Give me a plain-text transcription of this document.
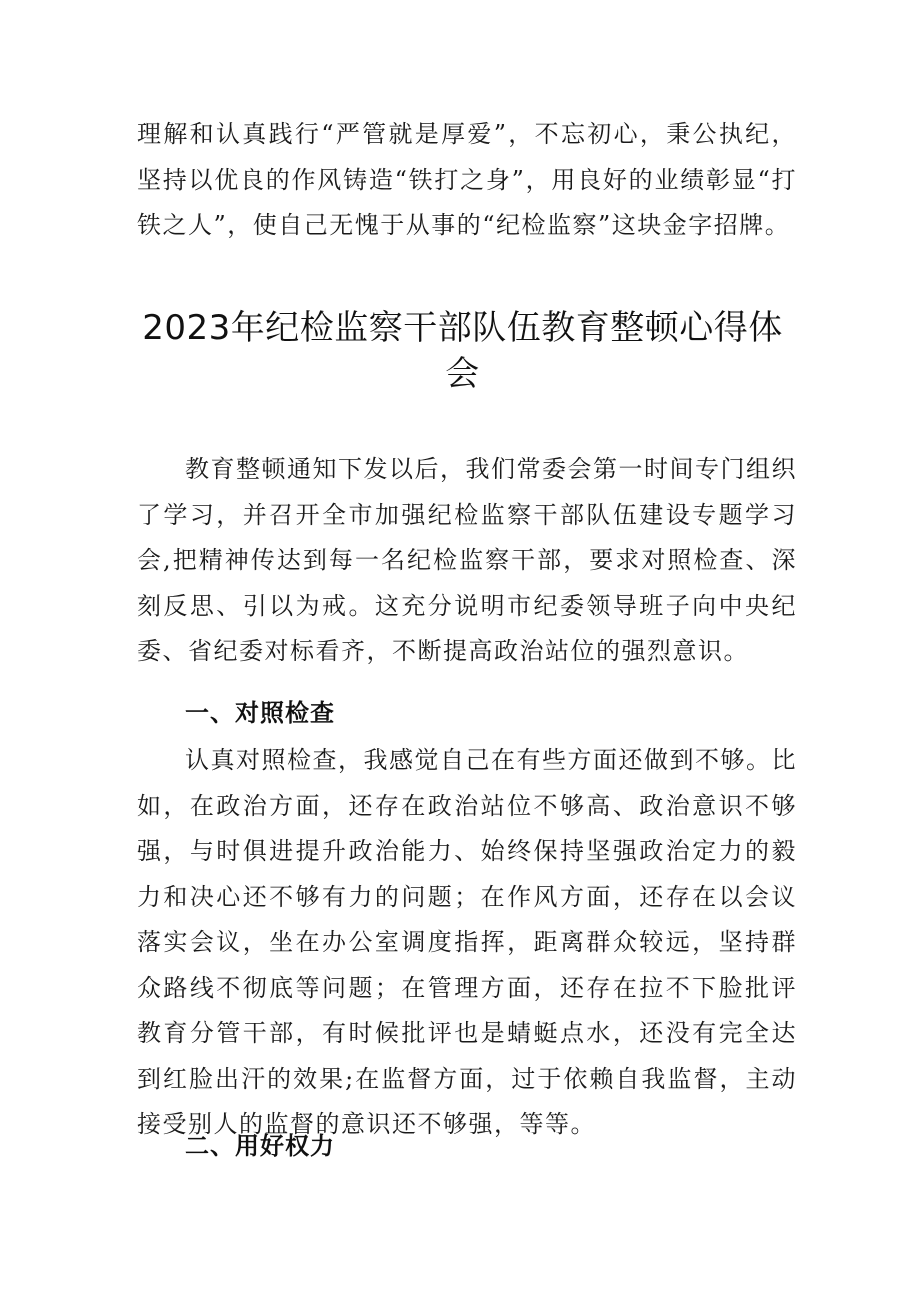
理解和认真践行“严管就是厚爱”，不忘初心，秉公执纪，坚持以优良的作风铸造“铁打之身”，用良好的业绩彰显“打铁之人”，使自己无愧于从事的“纪检监察”这块金字招牌。

2023年纪检监察干部队伍教育整顿心得体会

教育整顿通知下发以后，我们常委会第一时间专门组织了学习，并召开全市加强纪检监察干部队伍建设专题学习会,把精神传达到每一名纪检监察干部，要求对照检查、深刻反思、引以为戒。这充分说明市纪委领导班子向中央纪委、省纪委对标看齐，不断提高政治站位的强烈意识。

一、对照检查

认真对照检查，我感觉自己在有些方面还做到不够。比如，在政治方面，还存在政治站位不够高、政治意识不够强，与时俱进提升政治能力、始终保持坚强政治定力的毅力和决心还不够有力的问题；在作风方面，还存在以会议落实会议，坐在办公室调度指挥，距离群众较远，坚持群众路线不彻底等问题；在管理方面，还存在拉不下脸批评教育分管干部，有时候批评也是蜻蜓点水，还没有完全达到红脸出汗的效果;在监督方面，过于依赖自我监督，主动接受别人的监督的意识还不够强，等等。

二、用好权力
